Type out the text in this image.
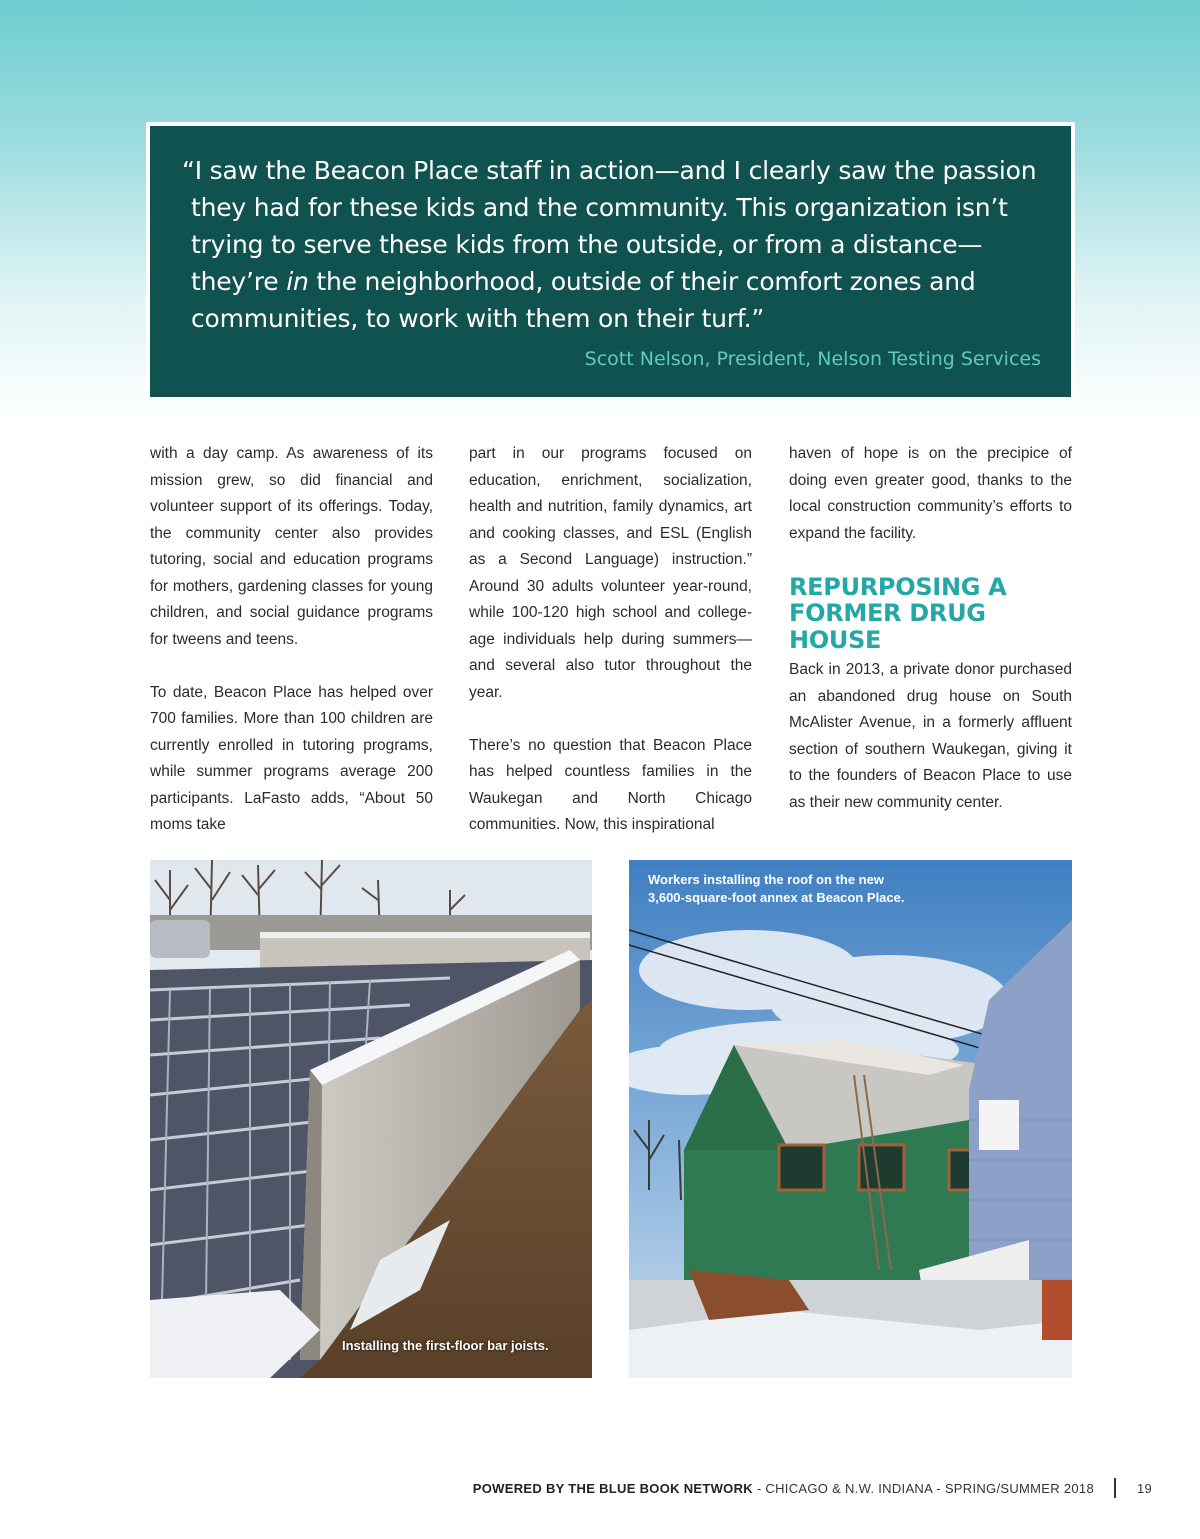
“I saw the Beacon Place staff in action—and I clearly saw the passion they had for these kids and the community. This organization isn’t trying to serve these kids from the outside, or from a distance—they’re in the neighborhood, outside of their comfort zones and communities, to work with them on their turf.”

Scott Nelson, President, Nelson Testing Services

with a day camp. As awareness of its mission grew, so did financial and volunteer support of its offerings. Today, the community center also provides tutoring, social and education programs for mothers, gardening classes for young children, and social guidance programs for tweens and teens.

To date, Beacon Place has helped over 700 families. More than 100 children are currently enrolled in tutoring programs, while summer programs average 200 participants. LaFasto adds, “About 50 moms take

part in our programs focused on education, enrichment, socialization, health and nutrition, family dynamics, art and cooking classes, and ESL (English as a Second Language) instruction.” Around 30 adults volunteer year-round, while 100-120 high school and college-age individuals help during summers—and several also tutor throughout the year.

There’s no question that Beacon Place has helped countless families in the Waukegan and North Chicago communities. Now, this inspirational

haven of hope is on the precipice of doing even greater good, thanks to the local construction community’s efforts to expand the facility.

REPURPOSING A FORMER DRUG HOUSE

Back in 2013, a private donor purchased an abandoned drug house on South McAlister Avenue, in a formerly affluent section of southern Waukegan, giving it to the founders of Beacon Place to use as their new community center.

Installing the first-floor bar joists.
Workers installing the roof on the new
3,600-square-foot annex at Beacon Place.
POWERED BY THE BLUE BOOK NETWORK - CHICAGO & N.W. INDIANA - SPRING/SUMMER 2018	19
